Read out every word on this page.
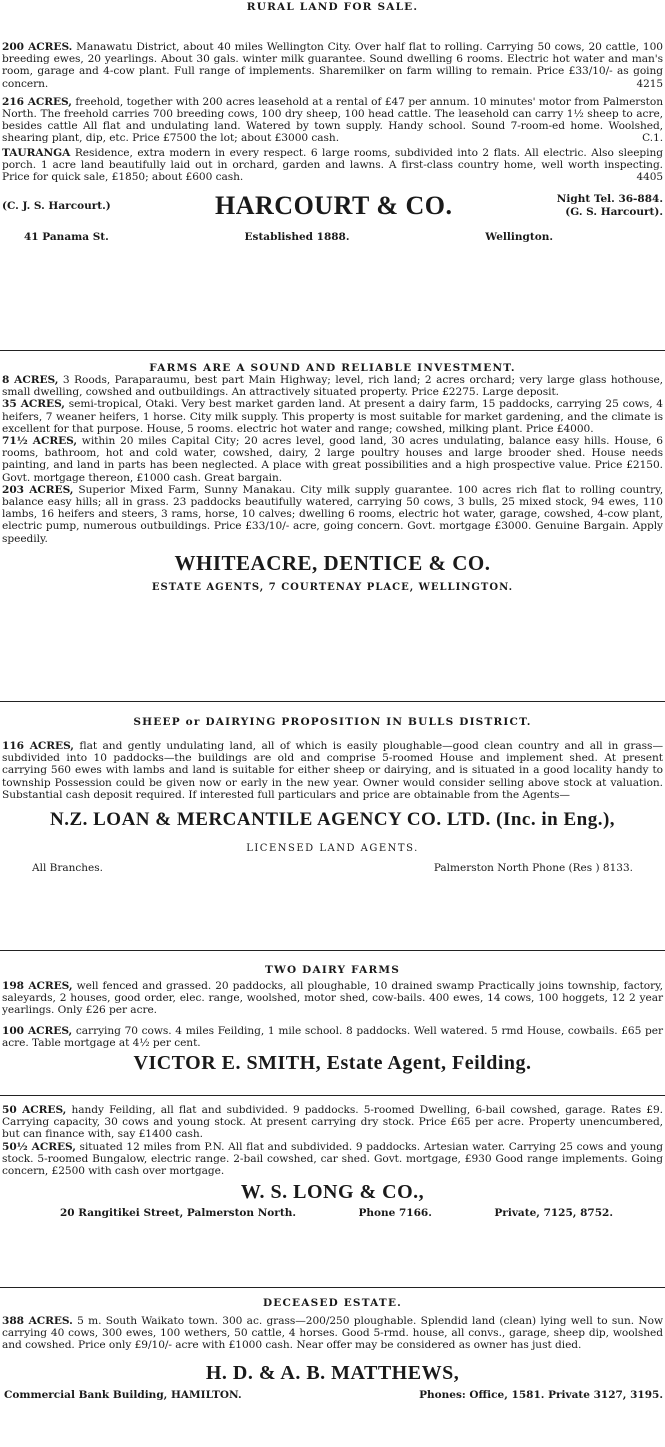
RURAL LAND FOR SALE.

200 ACRES. Manawatu District, about 40 miles Wellington City. Over half flat to rolling. Carrying 50 cows, 20 cattle, 100 breeding ewes, 20 yearlings. About 30 gals. winter milk guarantee. Sound dwelling 6 rooms. Electric hot water and man's room, garage and 4-cow plant. Full range of implements. Sharemilker on farm willing to remain. Price £33/10/- as going concern.	4215

216 ACRES, freehold, together with 200 acres leasehold at a rental of £47 per annum. 10 minutes' motor from Palmerston North. The freehold carries 700 breeding cows, 100 dry sheep, 100 head cattle. The leasehold can carry 1½ sheep to acre, besides cattle All flat and undulating land. Watered by town supply. Handy school. Sound 7-room-ed home. Woolshed, shearing plant, dip, etc. Price £7500 the lot; about £3000 cash.	C.1.

TAURANGA Residence, extra modern in every respect. 6 large rooms, subdivided into 2 flats. All electric. Also sleeping porch. 1 acre land beautifully laid out in orchard, garden and lawns. A first-class country home, well worth inspecting. Price for quick sale, £1850; about £600 cash.	4405

(C. J. S. Harcourt.)	HARCOURT & CO.	Night Tel. 36-884.
(G. S. Harcourt).
41 Panama St.	Established 1888.	Wellington.

FARMS ARE A SOUND AND RELIABLE INVESTMENT.

8 ACRES, 3 Roods, Paraparaumu, best part Main Highway; level, rich land; 2 acres orchard; very large glass hothouse, small dwelling, cowshed and outbuildings. An attractively situated property. Price £2275. Large deposit.

35 ACRES, semi-tropical, Otaki. Very best market garden land. At present a dairy farm, 15 paddocks, carrying 25 cows, 4 heifers, 7 weaner heifers, 1 horse. City milk supply. This property is most suitable for market gardening, and the climate is excellent for that purpose. House, 5 rooms. electric hot water and range; cowshed, milking plant. Price £4000.

71½ ACRES, within 20 miles Capital City; 20 acres level, good land, 30 acres undulating, balance easy hills. House, 6 rooms, bathroom, hot and cold water, cowshed, dairy, 2 large poultry houses and large brooder shed. House needs painting, and land in parts has been neglected. A place with great possibilities and a high prospective value. Price £2150. Govt. mortgage thereon, £1000 cash. Great bargain.

203 ACRES, Superior Mixed Farm, Sunny Manakau. City milk supply guarantee. 100 acres rich flat to rolling country, balance easy hills; all in grass. 23 paddocks beautifully watered, carrying 50 cows, 3 bulls, 25 mixed stock, 94 ewes, 110 lambs, 16 heifers and steers, 3 rams, horse, 10 calves; dwelling 6 rooms, electric hot water, garage, cowshed, 4-cow plant, electric pump, numerous outbuildings. Price £33/10/- acre, going concern. Govt. mortgage £3000. Genuine Bargain. Apply speedily.

WHITEACRE, DENTICE & CO.

ESTATE AGENTS, 7 COURTENAY PLACE, WELLINGTON.

SHEEP or DAIRYING PROPOSITION IN BULLS DISTRICT.

116 ACRES, flat and gently undulating land, all of which is easily ploughable—good clean country and all in grass—subdivided into 10 paddocks—the buildings are old and comprise 5-roomed House and implement shed. At present carrying 560 ewes with lambs and land is suitable for either sheep or dairying, and is situated in a good locality handy to township Possession could be given now or early in the new year. Owner would consider selling above stock at valuation. Substantial cash deposit required. If interested full particulars and price are obtainable from the Agents—

N.Z. LOAN & MERCANTILE AGENCY CO. LTD. (Inc. in Eng.),

LICENSED LAND AGENTS.

All Branches.	Palmerston North Phone (Res ) 8133.

TWO DAIRY FARMS

198 ACRES, well fenced and grassed. 20 paddocks, all ploughable, 10 drained swamp Practically joins township, factory, saleyards, 2 houses, good order, elec. range, woolshed, motor shed, cow-bails. 400 ewes, 14 cows, 100 hoggets, 12 2 year yearlings. Only £26 per acre.

100 ACRES, carrying 70 cows. 4 miles Feilding, 1 mile school. 8 paddocks. Well watered. 5 rmd House, cowbails. £65 per acre. Table mortgage at 4½ per cent.

VICTOR E. SMITH, Estate Agent, Feilding.

50 ACRES, handy Feilding, all flat and subdivided. 9 paddocks. 5-roomed Dwelling, 6-bail cowshed, garage. Rates £9. Carrying capacity, 30 cows and young stock. At present carrying dry stock. Price £65 per acre. Property unencumbered, but can finance with, say £1400 cash.

50½ ACRES, situated 12 miles from P.N. All flat and subdivided. 9 paddocks. Artesian water. Carrying 25 cows and young stock. 5-roomed Bungalow, electric range. 2-bail cowshed, car shed. Govt. mortgage, £930 Good range implements. Going concern, £2500 with cash over mortgage.

W. S. LONG & CO.,

20 Rangitikei Street, Palmerston North.	Phone 7166.	Private, 7125, 8752.

DECEASED ESTATE.

388 ACRES. 5 m. South Waikato town. 300 ac. grass—200/250 ploughable. Splendid land (clean) lying well to sun. Now carrying 40 cows, 300 ewes, 100 wethers, 50 cattle, 4 horses. Good 5-rmd. house, all convs., garage, sheep dip, woolshed and cowshed. Price only £9/10/- acre with £1000 cash. Near offer may be considered as owner has just died.

H. D. & A. B. MATTHEWS,

Commercial Bank Building, HAMILTON.	Phones: Office, 1581. Private 3127, 3195.
